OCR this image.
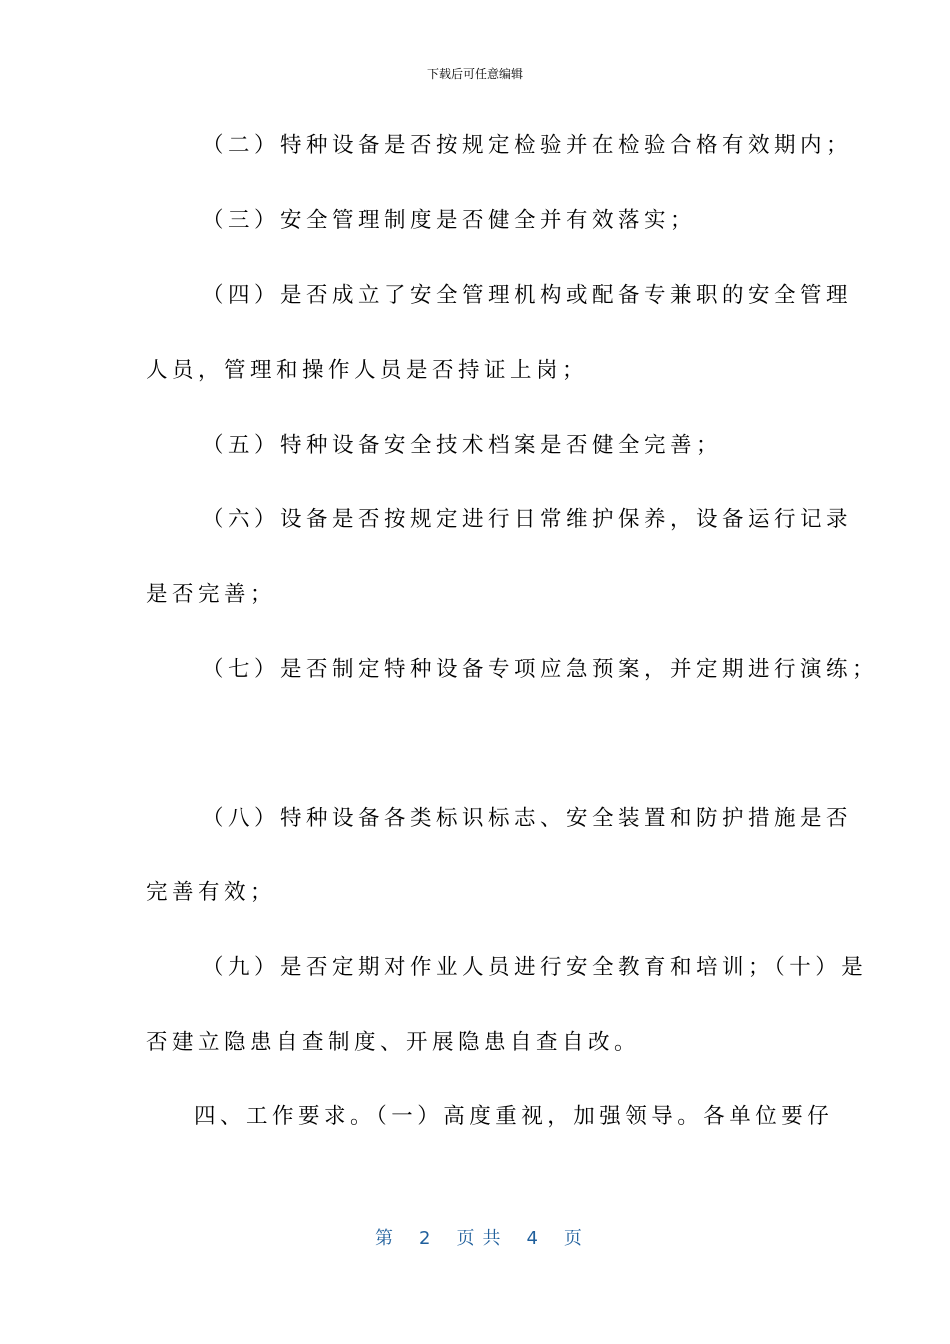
下载后可任意编辑
（二）特种设备是否按规定检验并在检验合格有效期内；
（三）安全管理制度是否健全并有效落实；
（四）是否成立了安全管理机构或配备专兼职的安全管理
人员，管理和操作人员是否持证上岗；
（五）特种设备安全技术档案是否健全完善；
（六）设备是否按规定进行日常维护保养，设备运行记录
是否完善；
（七）是否制定特种设备专项应急预案，并定期进行演练；
（八）特种设备各类标识标志、安全装置和防护措施是否
完善有效；
（九）是否定期对作业人员进行安全教育和培训；（十）是
否建立隐患自查制度、开展隐患自查自改。
四、工作要求。（一）高度重视，加强领导。各单位要仔
第 2 页共 4 页
